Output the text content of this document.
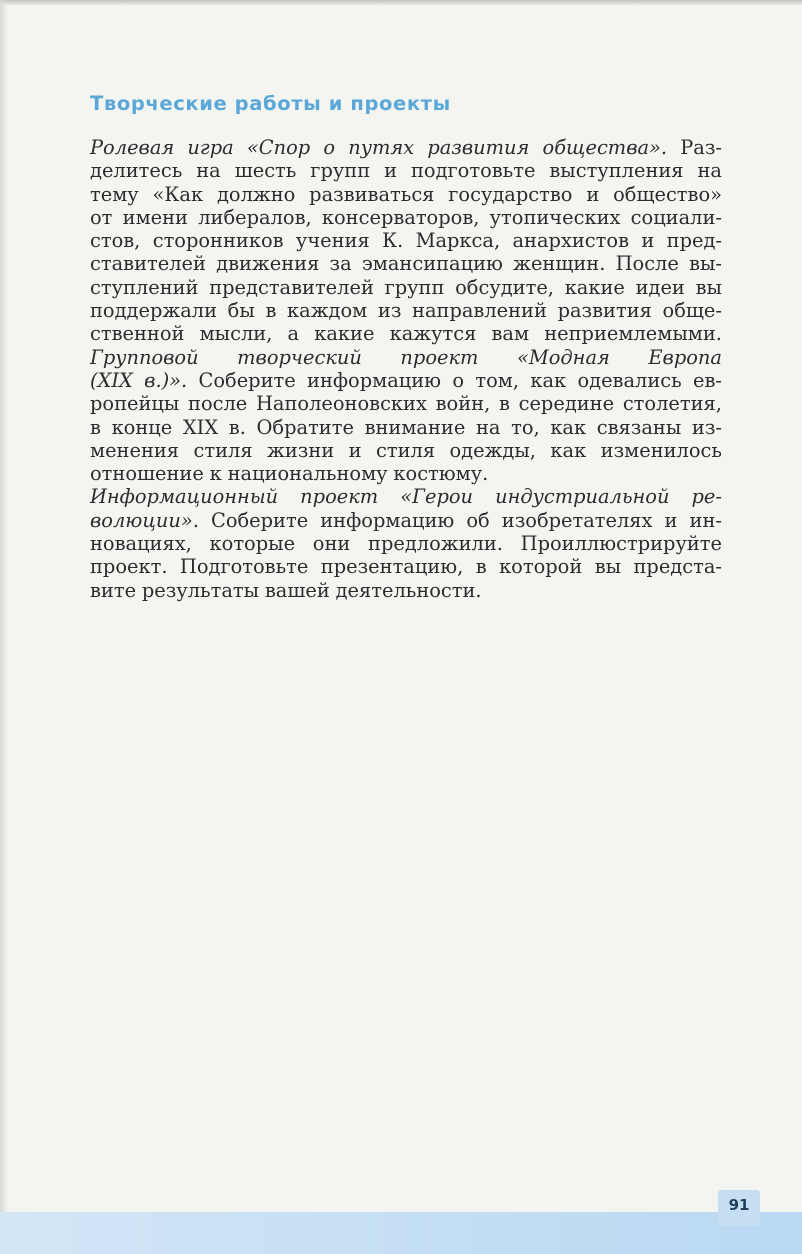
Творческие работы и проекты
Ролевая игра «Спор о путях развития общества». Раз-
делитесь на шесть групп и подготовьте выступления на
тему «Как должно развиваться государство и общество»
от имени либералов, консерваторов, утопических социали-
стов, сторонников учения К. Маркса, анархистов и пред-
ставителей движения за эмансипацию женщин. После вы-
ступлений представителей групп обсудите, какие идеи вы
поддержали бы в каждом из направлений развития обще-
ственной мысли, а какие кажутся вам неприемлемыми.
Групповой творческий проект «Модная Европа
(XIX в.)». Соберите информацию о том, как одевались ев-
ропейцы после Наполеоновских войн, в середине столетия,
в конце XIX в. Обратите внимание на то, как связаны из-
менения стиля жизни и стиля одежды, как изменилось
отношение к национальному костюму.
Информационный проект «Герои индустриальной ре-
волюции». Соберите информацию об изобретателях и ин-
новациях, которые они предложили. Проиллюстрируйте
проект. Подготовьте презентацию, в которой вы предста-
вите результаты вашей деятельности.
91
